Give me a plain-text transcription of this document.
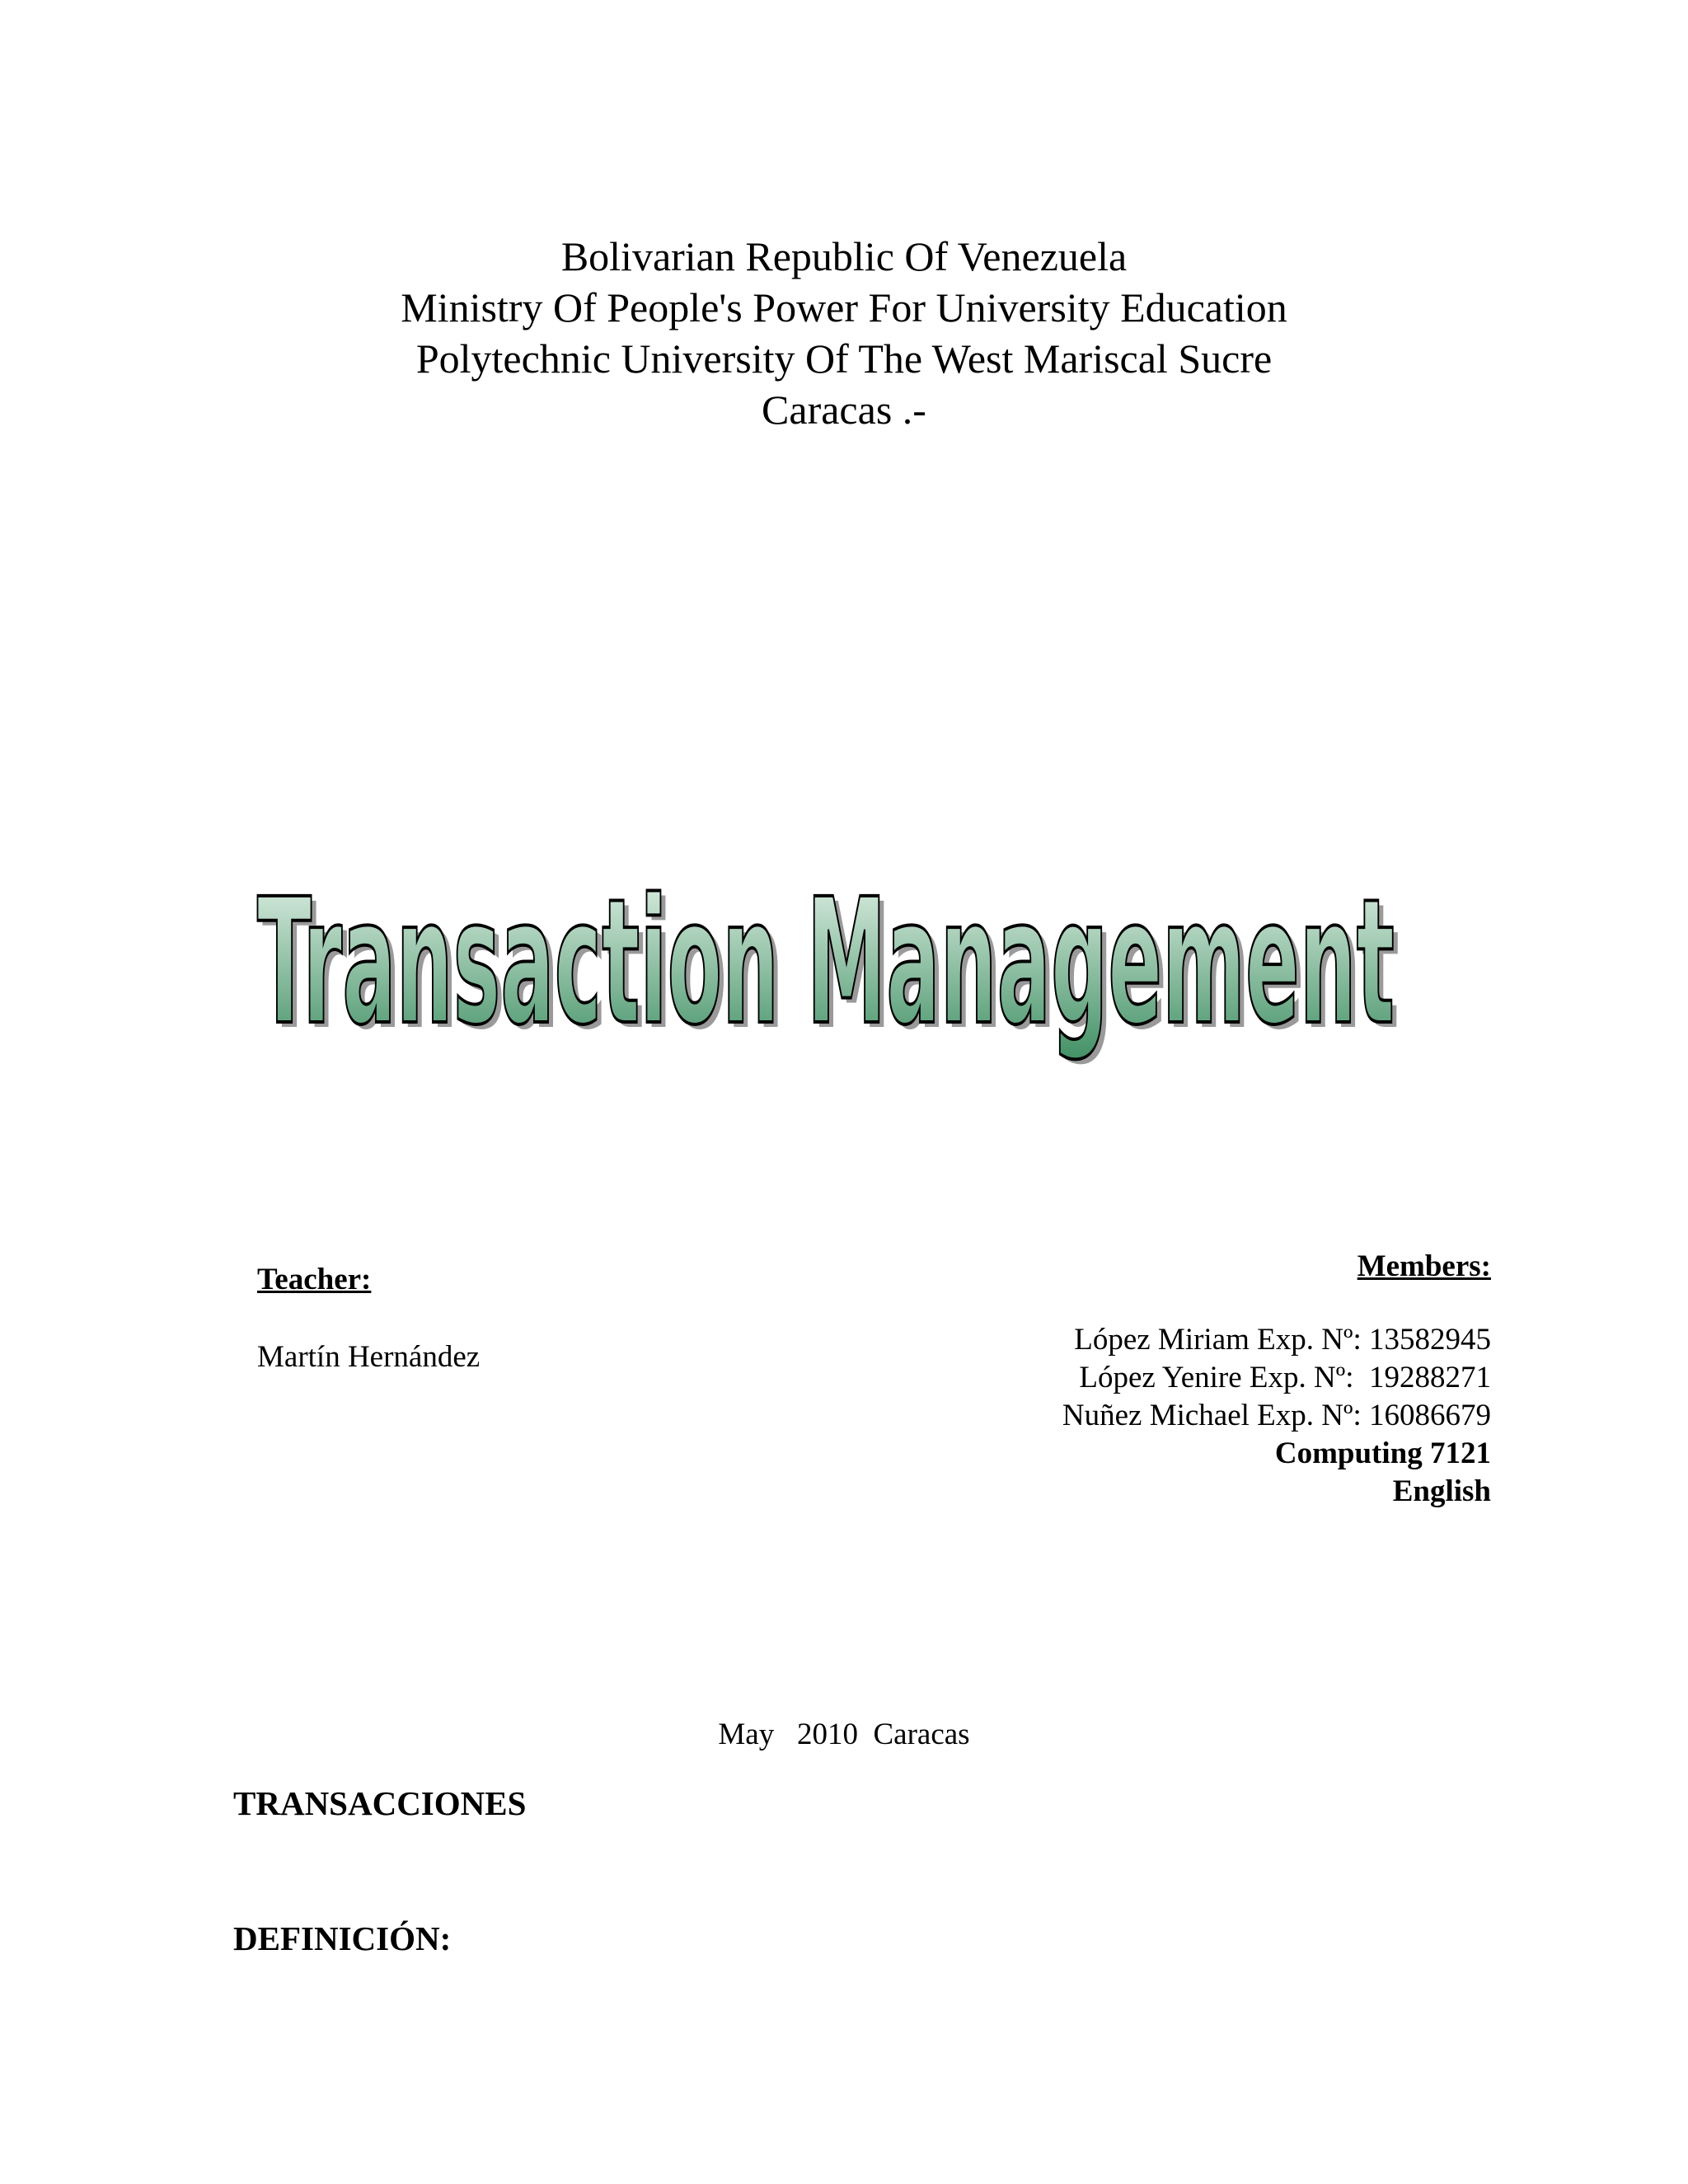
Bolivarian Republic Of Venezuela
Ministry Of People's Power For University Education
Polytechnic University Of The West Mariscal Sucre
Caracas .-
Transaction Management
Transaction Management
Teacher:
Martín Hernández
Members:
López Miriam Exp. Nº: 13582945
López Yenire Exp. Nº:  19288271
Nuñez Michael Exp. Nº: 16086679
Computing 7121
English
May   2010  Caracas
TRANSACCIONES
DEFINICIÓN:
